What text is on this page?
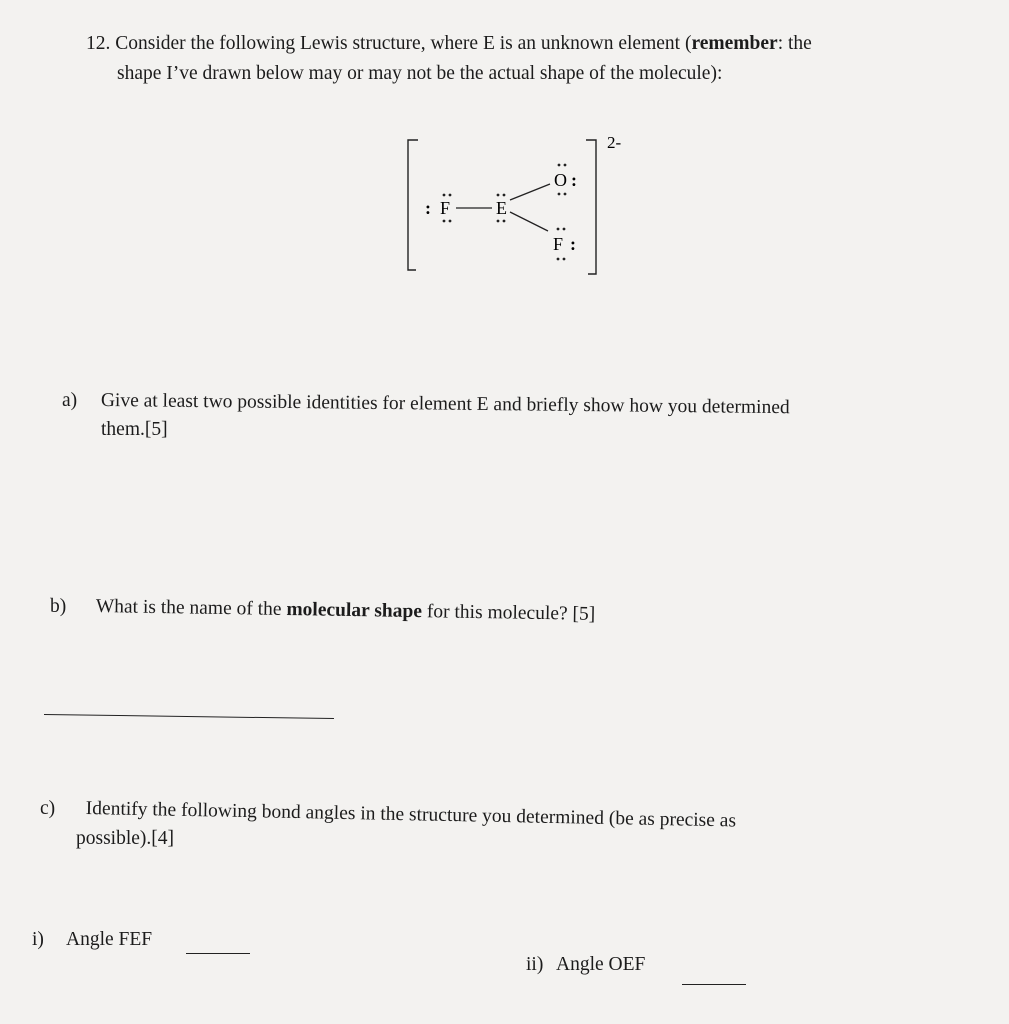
12. Consider the following Lewis structure, where E is an unknown element (remember: the
shape I’ve drawn below may or may not be the actual shape of the molecule):
2-
: F	E
O :
F :
a) Give at least two possible identities for element E and briefly show how you determined
them.[5]
b) What is the name of the molecular shape for this molecule? [5]
c) Identify the following bond angles in the structure you determined (be as precise as
possible).[4]
i) Angle FEF
ii) Angle OEF
